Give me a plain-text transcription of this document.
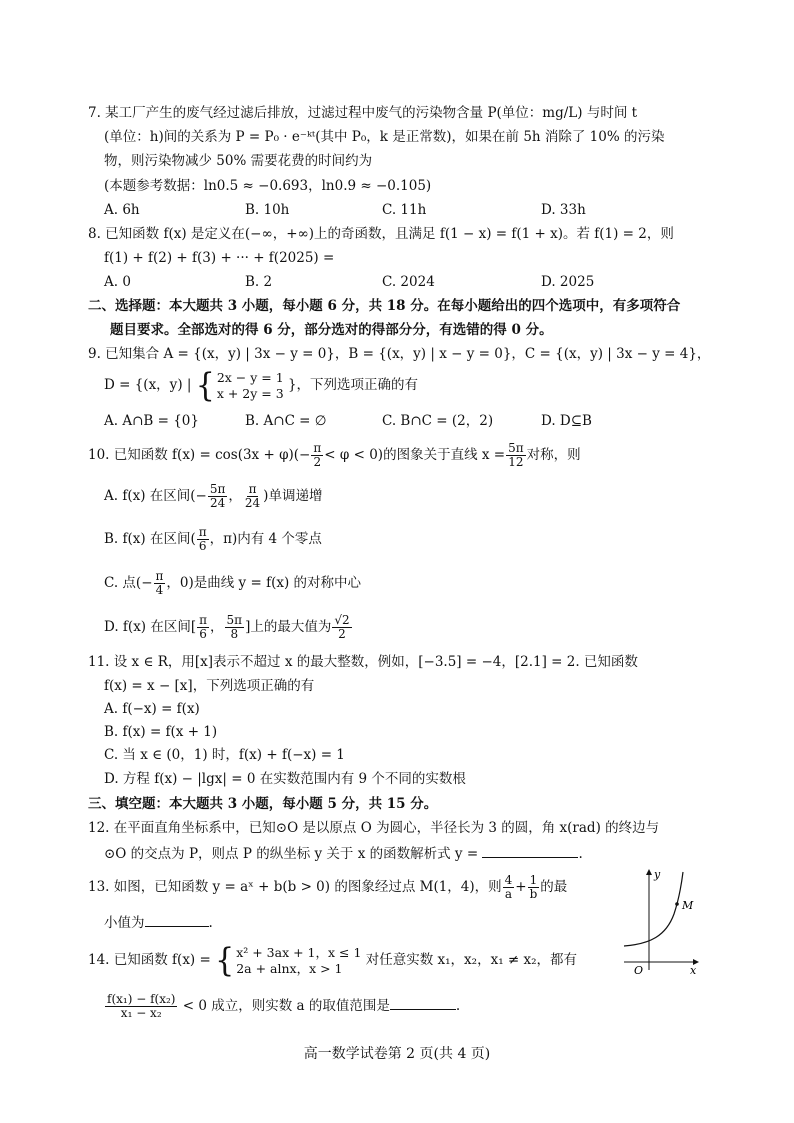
7. 某工厂产生的废气经过滤后排放，过滤过程中废气的污染物含量 P(单位：mg/L) 与时间 t
(单位：h)间的关系为 P = P₀ · e⁻ᵏᵗ(其中 P₀，k 是正常数)，如果在前 5h 消除了 10% 的污染
物，则污染物减少 50% 需要花费的时间约为
(本题参考数据：ln0.5 ≈ −0.693，ln0.9 ≈ −0.105)
A. 6h	B. 10h	C. 11h	D. 33h
8. 已知函数 f(x) 是定义在(−∞，+∞)上的奇函数，且满足 f(1 − x) = f(1 + x)。若 f(1) = 2，则
f(1) + f(2) + f(3) + ··· + f(2025) =
A. 0	B. 2	C. 2024	D. 2025
二、选择题：本大题共 3 小题，每小题 6 分，共 18 分。在每小题给出的四个选项中，有多项符合
题目要求。全部选对的得 6 分，部分选对的得部分分，有选错的得 0 分。
9. 已知集合 A = {(x，y) | 3x − y = 0}，B = {(x，y) | x − y = 0}，C = {(x，y) | 3x − y = 4}，
D = {(x，y) | { 2x − y = 1
x + 2y = 3 }，下列选项正确的有
A. A∩B = {0}	B. A∩C = ∅	C. B∩C = (2，2)	D. D⊆B
10. 已知函数 $f(x) = \cos(3x + \varphi)(- \frac{\pi}{2} < \varphi < 0)$的图象关于直线 $x = \frac{5\pi}{12}$ 对称，则
A. f(x) 在区间(− $\frac{5\pi}{24}$ ， $\frac{\pi}{24}$ )单调递增
B. f(x) 在区间( $\frac{\pi}{6}$ ，π)内有 4 个零点
C. 点(− $\frac{\pi}{4}$ ，0)是曲线 y = f(x) 的对称中心
D. f(x) 在区间[ $\frac{\pi}{6}$ ， $\frac{5\pi}{8}$ ]上的最大值为 $\frac{√2}{2}$
11. 设 x ∈ R，用[x]表示不超过 x 的最大整数，例如，[−3.5] = −4，[2.1] = 2. 已知函数
f(x) = x − [x]，下列选项正确的有
A. f(−x) = f(x)
B. f(x) = f(x + 1)
C. 当 x ∈ (0，1) 时，f(x) + f(−x) = 1
D. 方程 f(x) − |lgx| = 0 在实数范围内有 9 个不同的实数根
三、填空题：本大题共 3 小题，每小题 5 分，共 15 分。
12. 在平面直角坐标系中，已知⊙O 是以原点 O 为圆心，半径长为 3 的圆，角 x(rad) 的终边与
⊙O 的交点为 P，则点 P 的纵坐标 y 关于 x 的函数解析式 y =	.
13. 如图，已知函数 y = aˣ + b(b > 0) 的图象经过点 M(1，4)，则 $\frac{4}{a} + \frac{1}{b}$ 的最
小值为	.
y
x
O
M
14. 已知函数 f(x) = { x² + 3ax + 1，x ≤ 1
2a + alnx，x > 1	对任意实数 x₁，x₂，x₁ ≠ x₂，都有
$\frac{\text{f(x₁) − f(x₂)}}{\text{x₁ − x₂}} < 0$ 成立，则实数 a 的取值范围是	.
高一数学试卷第 2 页(共 4 页)
